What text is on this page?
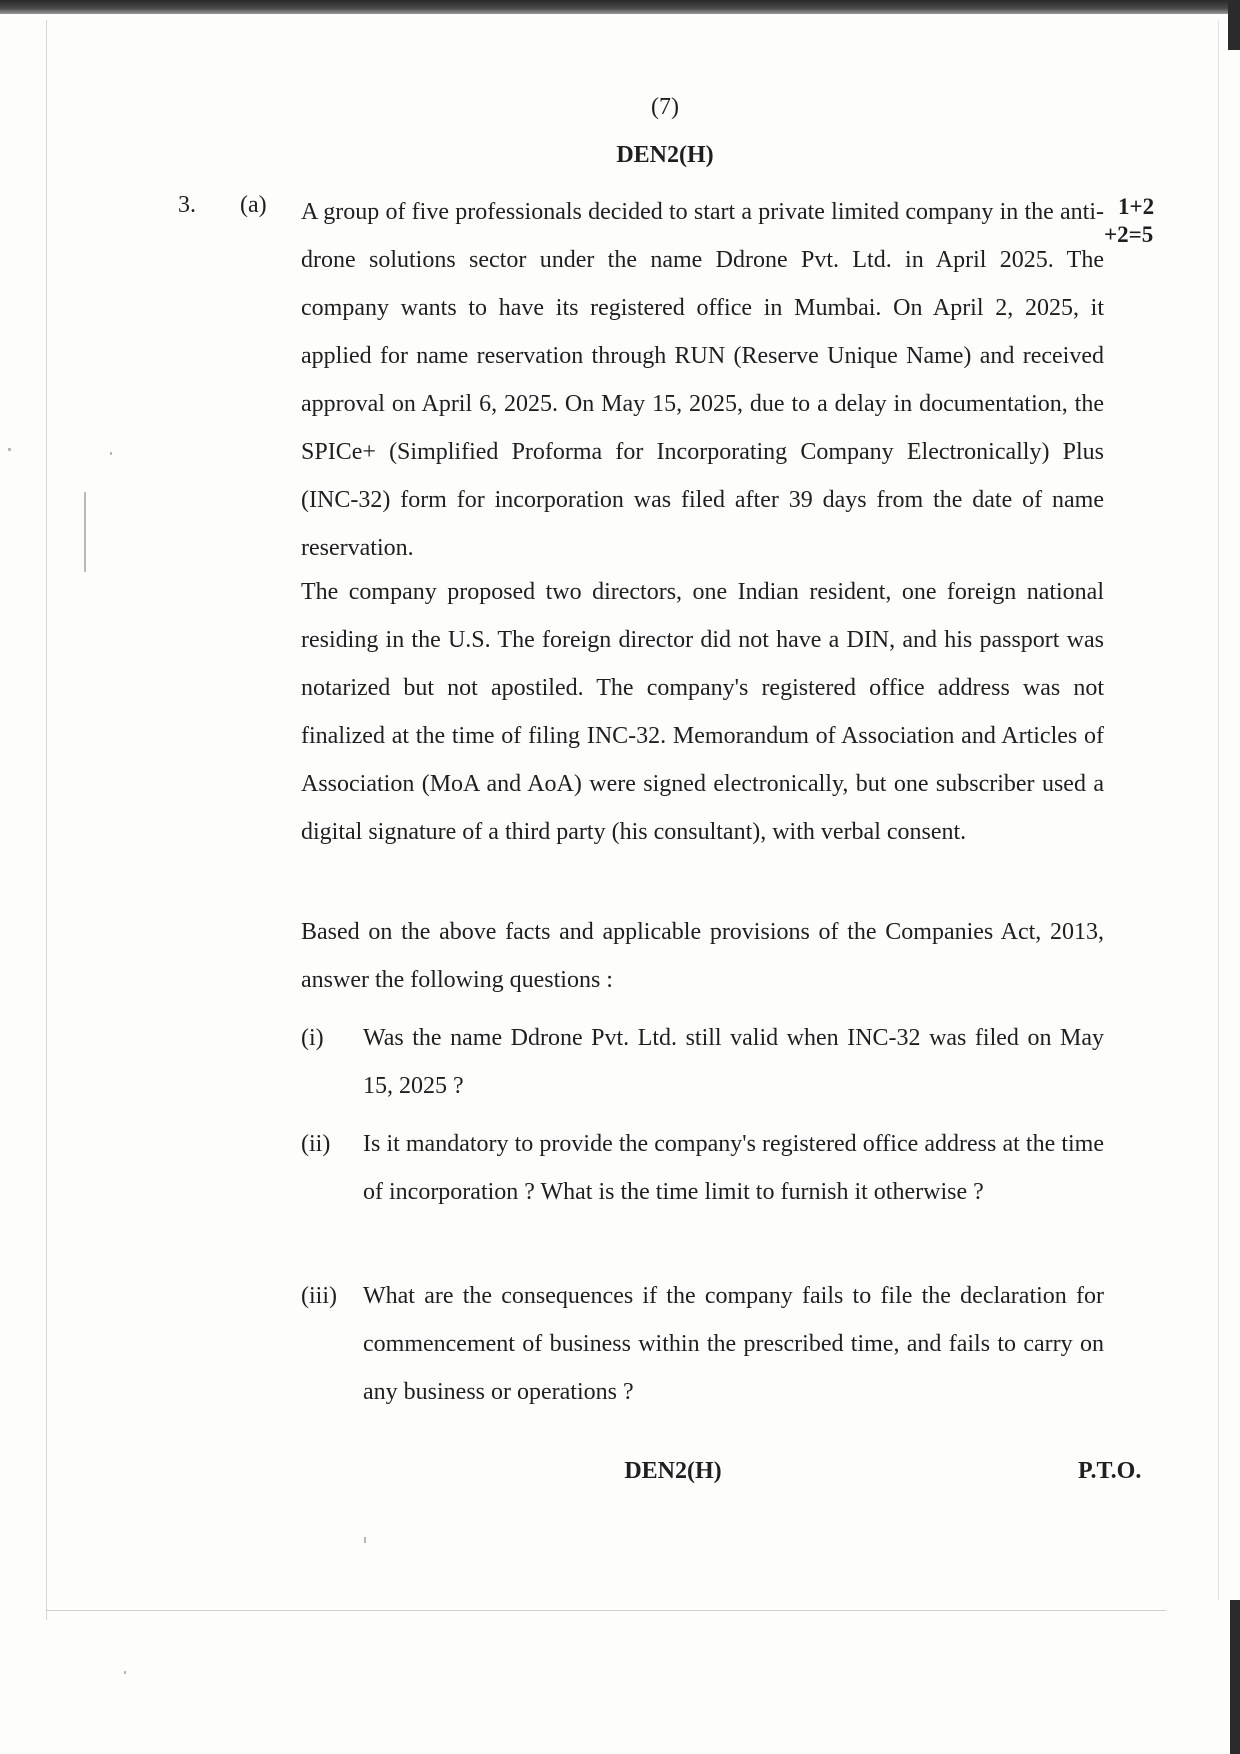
(7)
DEN2(H)
3. (a)	1+2
+2=5

A group of five professionals decided to start a private limited company in the anti-drone solutions sector under the name Ddrone Pvt. Ltd. in April 2025. The company wants to have its registered office in Mumbai. On April 2, 2025, it applied for name reservation through RUN (Reserve Unique Name) and received approval on April 6, 2025. On May 15, 2025, due to a delay in documentation, the SPICe+ (Simplified Proforma for Incorporating Company Electronically) Plus (INC-32) form for incorporation was filed after 39 days from the date of name reservation.

The company proposed two directors, one Indian resident, one foreign national residing in the U.S. The foreign director did not have a DIN, and his passport was notarized but not apostiled. The company's registered office address was not finalized at the time of filing INC-32. Memorandum of Association and Articles of Association (MoA and AoA) were signed electronically, but one subscriber used a digital signature of a third party (his consultant), with verbal consent.

Based on the above facts and applicable provisions of the Companies Act, 2013, answer the following questions :

(i) Was the name Ddrone Pvt. Ltd. still valid when INC-32 was filed on May 15, 2025 ?

(ii) Is it mandatory to provide the company's registered office address at the time of incorporation ? What is the time limit to furnish it otherwise ?

(iii) What are the consequences if the company fails to file the declaration for commencement of business within the prescribed time, and fails to carry on any business or operations ?

DEN2(H)	P.T.O.
